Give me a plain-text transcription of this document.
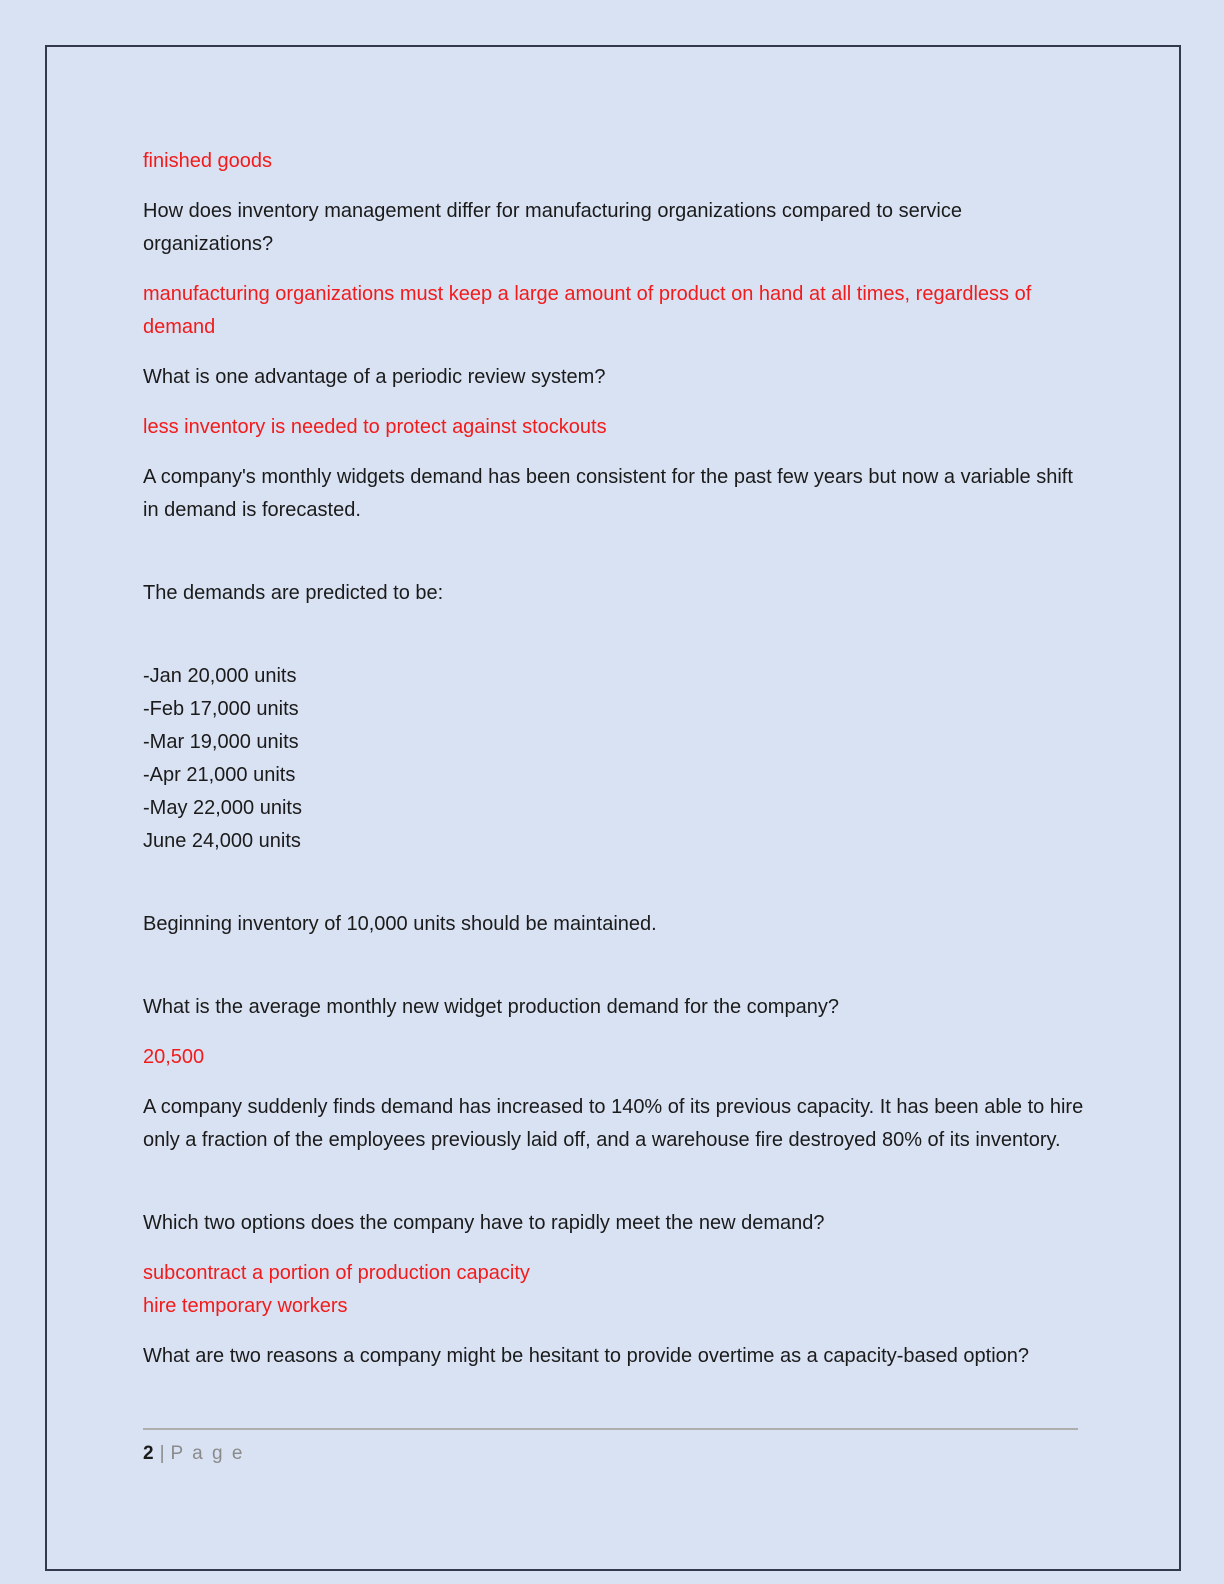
finished goods

How does inventory management differ for manufacturing organizations compared to service organizations?

manufacturing organizations must keep a large amount of product on hand at all times, regardless of demand

What is one advantage of a periodic review system?

less inventory is needed to protect against stockouts

A company's monthly widgets demand has been consistent for the past few years but now a variable shift in demand is forecasted.

The demands are predicted to be:

-Jan 20,000 units
-Feb 17,000 units
-Mar 19,000 units
-Apr 21,000 units
-May 22,000 units
June 24,000 units

Beginning inventory of 10,000 units should be maintained.

What is the average monthly new widget production demand for the company?

20,500

A company suddenly finds demand has increased to 140% of its previous capacity. It has been able to hire only a fraction of the employees previously laid off, and a warehouse fire destroyed 80% of its inventory.

Which two options does the company have to rapidly meet the new demand?

subcontract a portion of production capacity
hire temporary workers

What are two reasons a company might be hesitant to provide overtime as a capacity-based option?

2 | P a g e
